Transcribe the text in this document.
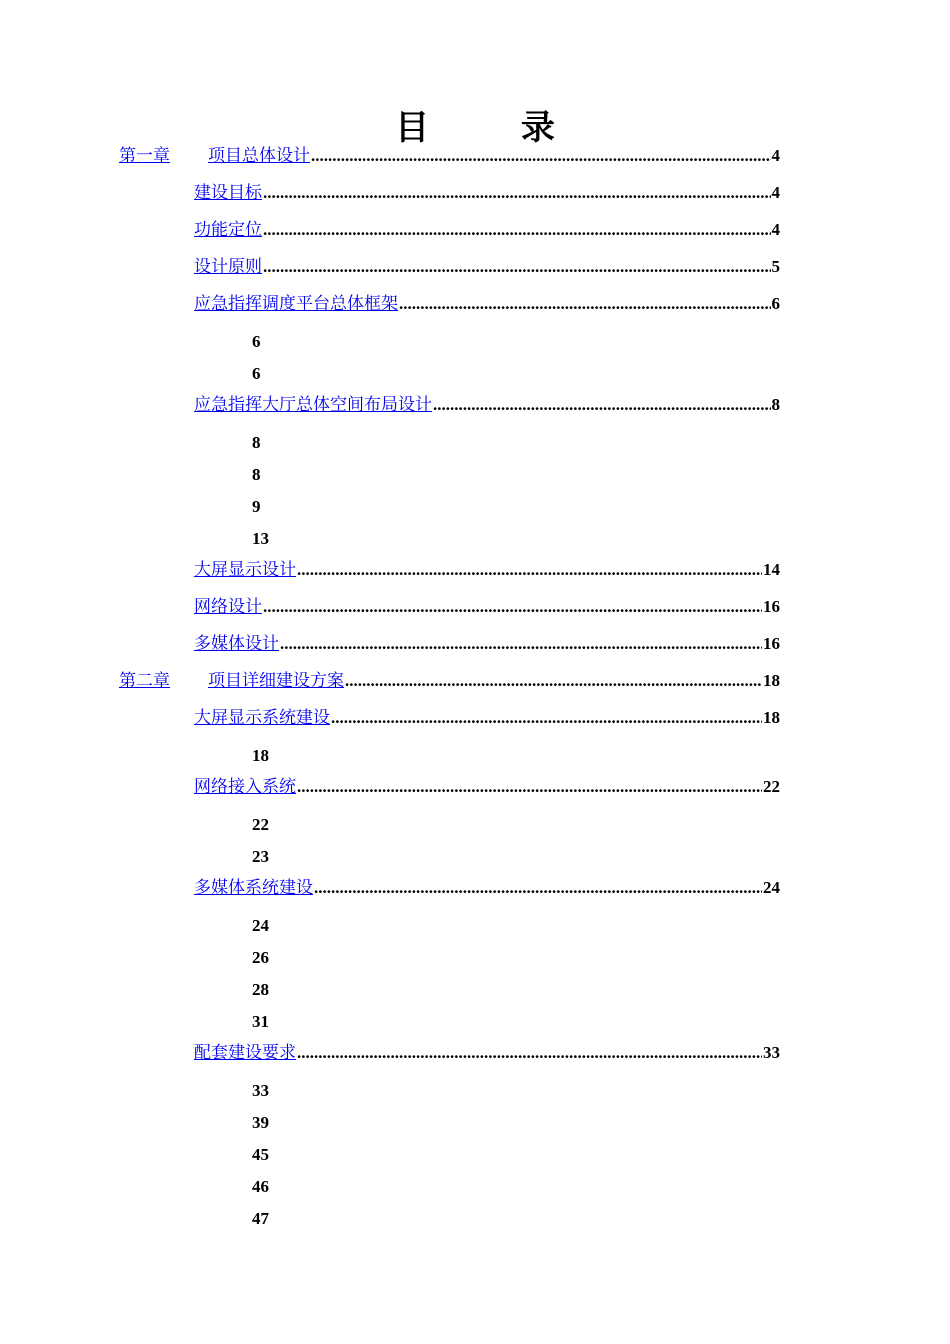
目 录
第一章	项目总体设计 .....	4
建设目标 .....	4
功能定位 .....	4
设计原则 .....	5
应急指挥调度平台总体框架 .....	6
6
6
应急指挥大厅总体空间布局设计 .....	8
8
8
9
13
大屏显示设计 .....	14
网络设计 .....	16
多媒体设计 .....	16
第二章	项目详细建设方案 .....	18
大屏显示系统建设 .....	18
18
网络接入系统 .....	22
22
23
多媒体系统建设 .....	24
24
26
28
31
配套建设要求 .....	33
33
39
45
46
47
